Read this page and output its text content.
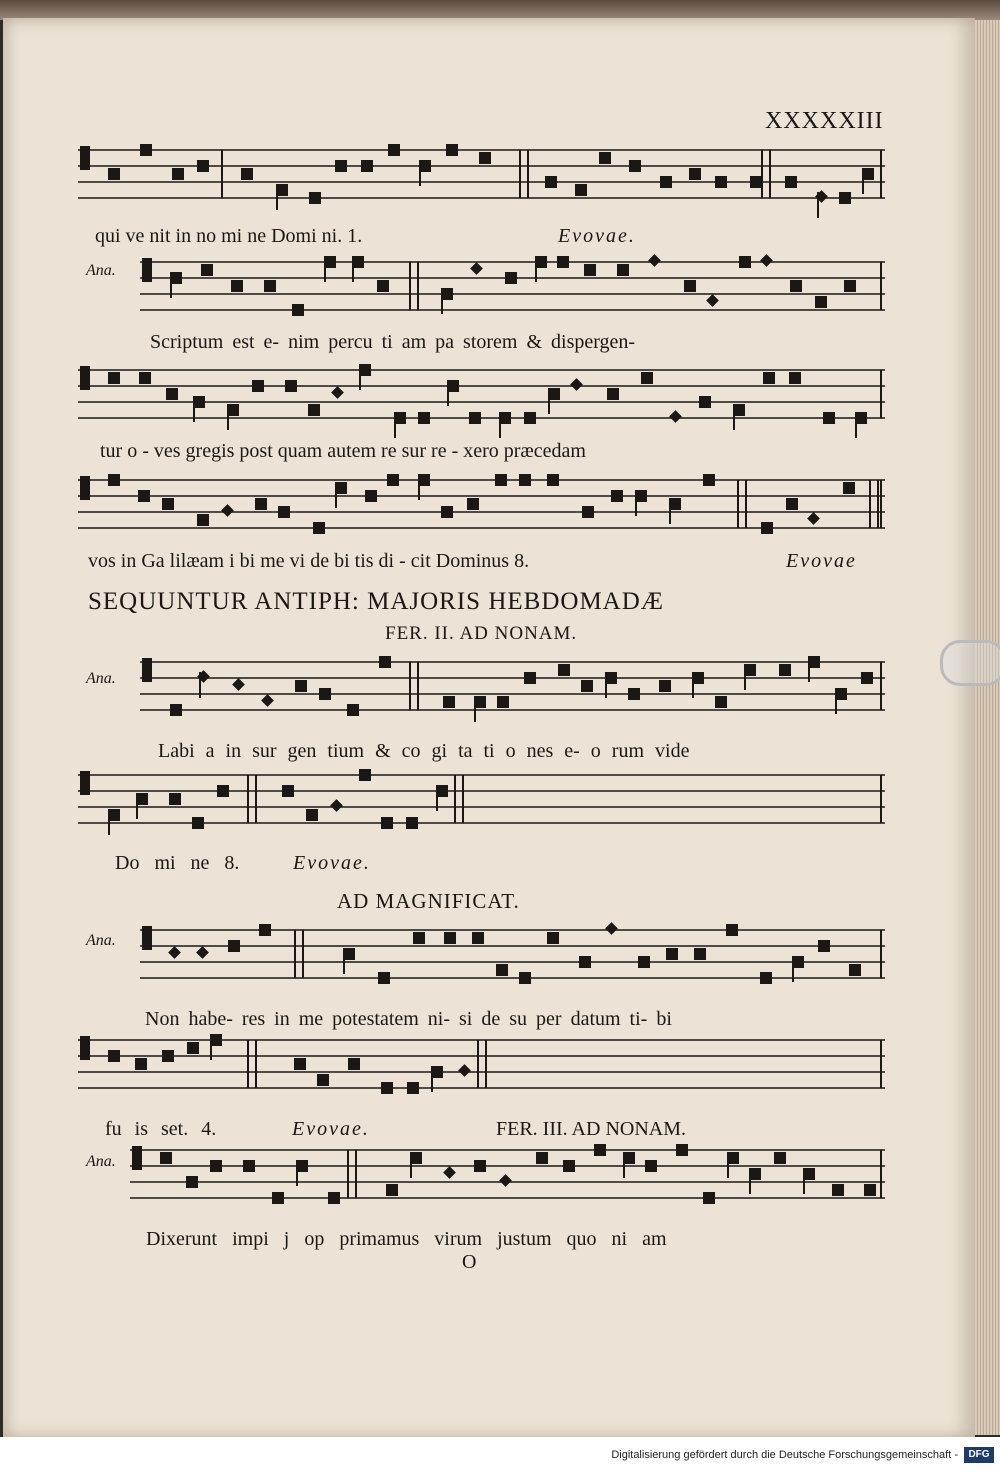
XXXXXIII
qui ve nit in no mi ne Domi ni. 1.	Evovae.
Ana.
Scriptum est e- nim percu ti am pa storem & dispergen-
tur o - ves gregis post quam autem re sur re - xero præcedam
vos in Ga lilæam i bi me vi de bi tis di - cit Dominus 8.	Evovae
SEQUUNTUR ANTIPH: MAJORIS HEBDOMADÆ
FER. II. AD NONAM.
Ana.
Labi a in sur gen tium & co gi ta ti o nes e- o rum vide
Do mi ne 8.	Evovae.
AD MAGNIFICAT.
Ana.
Non habe- res in me potestatem ni- si de su per datum ti- bi
fu is set. 4.	Evovae.	FER. III. AD NONAM.
Ana.
Dixerunt impi j op primamus virum justum quo ni am
O
Digitalisierung gefördert durch die Deutsche Forschungsgemeinschaft -	DFG
